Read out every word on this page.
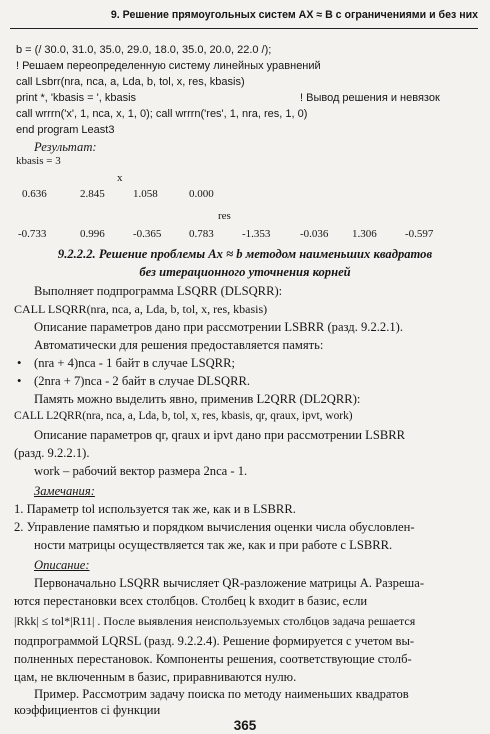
9. Решение прямоугольных систем AX ≈ B с ограничениями и без них
b = (/ 30.0, 31.0, 35.0, 29.0, 18.0, 35.0, 20.0, 22.0 /);
! Решаем переопределенную систему линейных уравнений
call Lsbrr(nra, nca, a, Lda, b, tol, x, res, kbasis)
print *, 'kbasis = ', kbasis	! Вывод решения и невязок
call wrrrn('x', 1, nca, x, 1, 0); call wrrrn('res', 1, nra, res, 1, 0)
end program Least3
Результат:
kbasis = 3
x
0.636	2.845	1.058	0.000
res
-0.733	0.996	-0.365	0.783	-1.353	-0.036 1.306	-0.597
9.2.2.2. Решение проблемы Ax ≈ b методом наименьших квадратов
без итерационного уточнения корней
Выполняет подпрограмма LSQRR (DLSQRR):
CALL LSQRR(nra, nca, a, Lda, b, tol, x, res, kbasis)
Описание параметров дано при рассмотрении LSBRR (разд. 9.2.2.1).
Автоматически для решения предоставляется память:
• (nra + 4)nca - 1 байт в случае LSQRR;
• (2nra + 7)nca - 2 байт в случае DLSQRR.
Память можно выделить явно, применив L2QRR (DL2QRR):
CALL L2QRR(nra, nca, a, Lda, b, tol, x, res, kbasis, qr, qraux, ipvt, work)
Описание параметров qr, qraux и ipvt дано при рассмотрении LSBRR
(разд. 9.2.2.1).
work – рабочий вектор размера 2nca - 1.
Замечания:
1. Параметр tol используется так же, как и в LSBRR.
2. Управление памятью и порядком вычисления оценки числа обусловлен-
ности матрицы осуществляется так же, как и при работе с LSBRR.
Описание:
Первоначально LSQRR вычисляет QR-разложение матрицы A. Разреша-
ются перестановки всех столбцов. Столбец k входит в базис, если
|Rkk| ≤ tol*|R11| . После выявления неиспользуемых столбцов задача решается
подпрограммой LQRSL (разд. 9.2.2.4). Решение формируется с учетом вы-
полненных перестановок. Компоненты решения, соответствующие столб-
цам, не включенным в базис, приравниваются нулю.
365
Пример. Рассмотрим задачу поиска по методу наименьших квадратов
коэффициентов ci функции
